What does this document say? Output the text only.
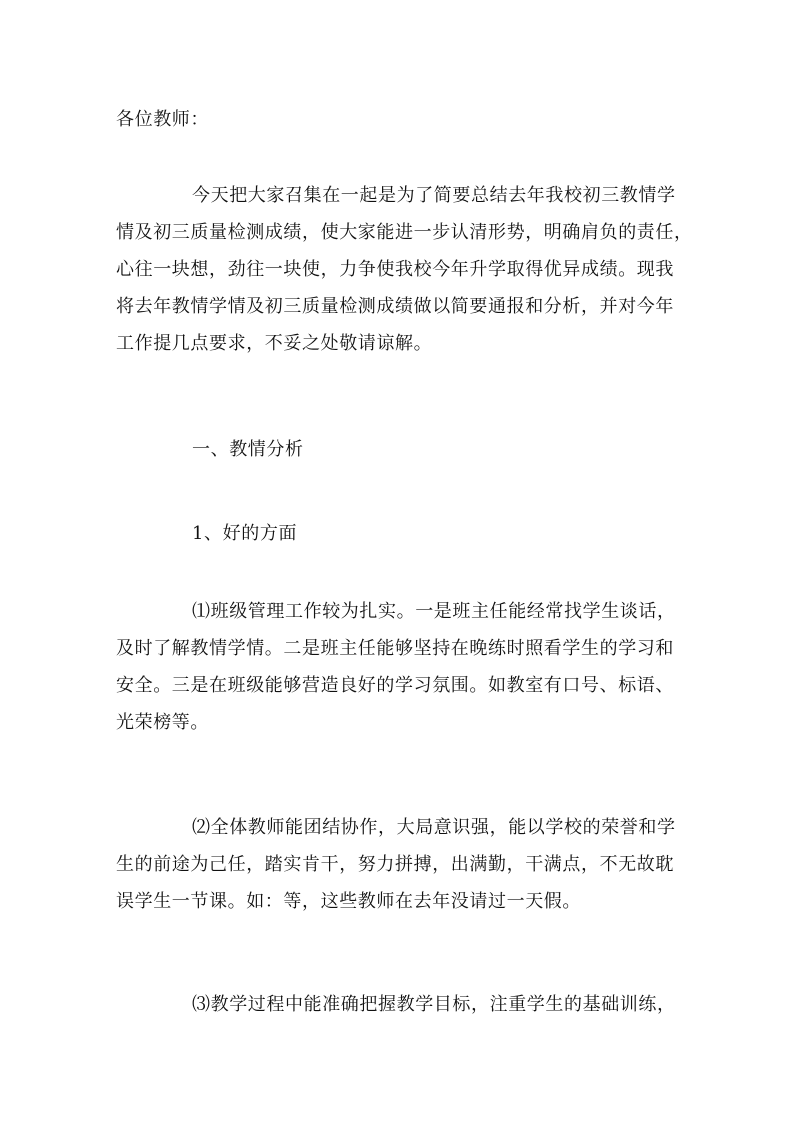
各位教师：
今天把大家召集在一起是为了简要总结去年我校初三教情学
情及初三质量检测成绩，使大家能进一步认清形势，明确肩负的责任，
心往一块想，劲往一块使，力争使我校今年升学取得优异成绩。现我
将去年教情学情及初三质量检测成绩做以简要通报和分析，并对今年
工作提几点要求，不妥之处敬请谅解。
一、教情分析
1、好的方面
⑴班级管理工作较为扎实。一是班主任能经常找学生谈话，
及时了解教情学情。二是班主任能够坚持在晚练时照看学生的学习和
安全。三是在班级能够营造良好的学习氛围。如教室有口号、标语、
光荣榜等。
⑵全体教师能团结协作，大局意识强，能以学校的荣誉和学
生的前途为己任，踏实肯干，努力拼搏，出满勤，干满点，不无故耽
误学生一节课。如：等，这些教师在去年没请过一天假。
⑶教学过程中能准确把握教学目标，注重学生的基础训练，
